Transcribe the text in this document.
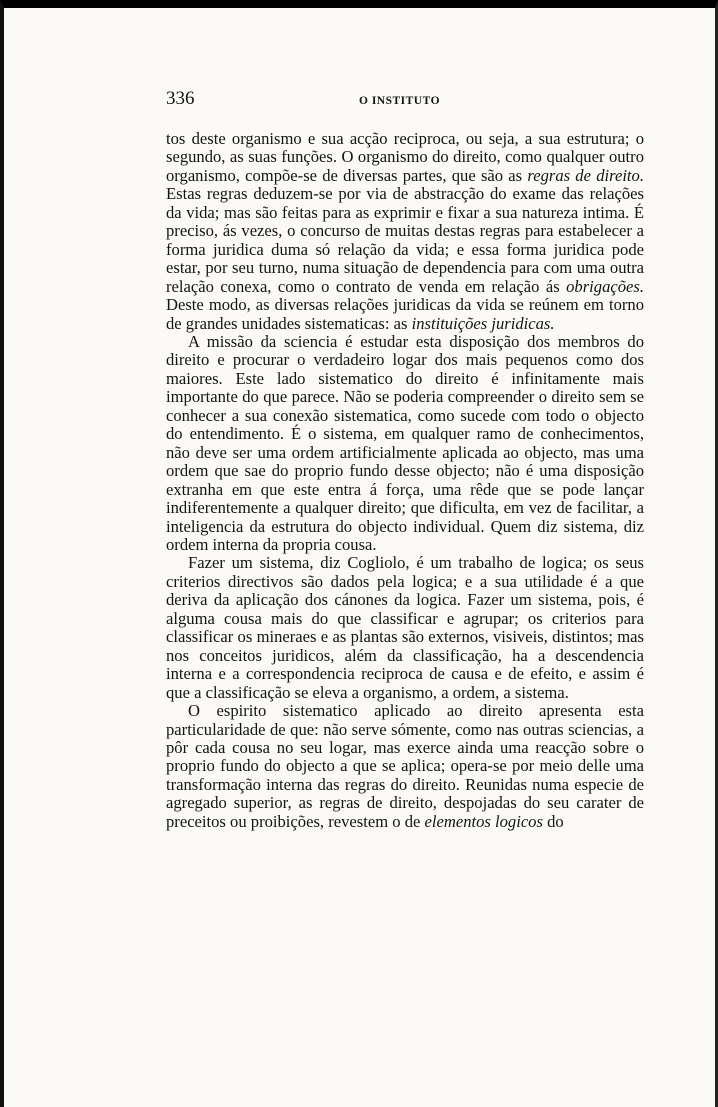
336	O INSTITUTO

tos deste organismo e sua acção reciproca, ou seja, a sua estrutura; o segundo, as suas funções. O organismo do direito, como qualquer outro organismo, compõe-se de diversas partes, que são as regras de direito. Estas regras deduzem-se por via de abstracção do exame das relações da vida; mas são feitas para as exprimir e fixar a sua natureza intima. É preciso, ás vezes, o concurso de muitas destas regras para estabelecer a forma juridica duma só relação da vida; e essa forma juridica pode estar, por seu turno, numa situação de dependencia para com uma outra relação conexa, como o contrato de venda em relação ás obrigações. Deste modo, as diversas relações juridicas da vida se reúnem em torno de grandes unidades sistematicas: as instituições juridicas.

A missão da sciencia é estudar esta disposição dos membros do direito e procurar o verdadeiro logar dos mais pequenos como dos maiores. Este lado sistematico do direito é infinitamente mais importante do que parece. Não se poderia compreender o direito sem se conhecer a sua conexão sistematica, como sucede com todo o objecto do entendimento. É o sistema, em qualquer ramo de conhecimentos, não deve ser uma ordem artificialmente aplicada ao objecto, mas uma ordem que sae do proprio fundo desse objecto; não é uma disposição extranha em que este entra á força, uma rêde que se pode lançar indiferentemente a qualquer direito; que dificulta, em vez de facilitar, a inteligencia da estrutura do objecto individual. Quem diz sistema, diz ordem interna da propria cousa.

Fazer um sistema, diz Cogliolo, é um trabalho de logica; os seus criterios directivos são dados pela logica; e a sua utilidade é a que deriva da aplicação dos cánones da logica. Fazer um sistema, pois, é alguma cousa mais do que classificar e agrupar; os criterios para classificar os mineraes e as plantas são externos, visiveis, distintos; mas nos conceitos juridicos, além da classificação, ha a descendencia interna e a correspondencia reciproca de causa e de efeito, e assim é que a classificação se eleva a organismo, a ordem, a sistema.

O espirito sistematico aplicado ao direito apresenta esta particularidade de que: não serve sómente, como nas outras sciencias, a pôr cada cousa no seu logar, mas exerce ainda uma reacção sobre o proprio fundo do objecto a que se aplica; opera-se por meio delle uma transformação interna das regras do direito. Reunidas numa especie de agregado superior, as regras de direito, despojadas do seu carater de preceitos ou proibições, revestem o de elementos logicos do
